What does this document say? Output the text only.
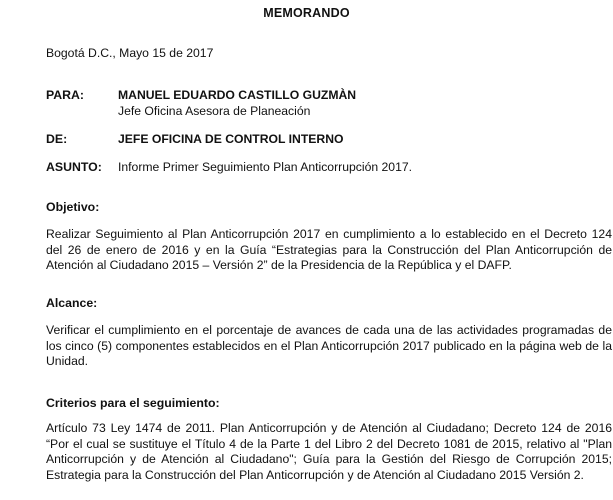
MEMORANDO
Bogotá D.C., Mayo 15 de 2017
PARA:	MANUEL EDUARDO CASTILLO GUZMÀN
Jefe Oficina Asesora de Planeación
DE:	JEFE OFICINA DE CONTROL INTERNO
ASUNTO: Informe Primer Seguimiento Plan Anticorrupción 2017.
Objetivo:
Realizar Seguimiento al Plan Anticorrupción 2017 en cumplimiento a lo establecido en el Decreto 124 del 26 de enero de 2016 y en la Guía “Estrategias para la Construcción del Plan Anticorrupción de Atención al Ciudadano 2015 – Versión 2” de la Presidencia de la República y el DAFP.
Alcance:
Verificar el cumplimiento en el porcentaje de avances de cada una de las actividades programadas de los cinco (5) componentes establecidos en el Plan Anticorrupción 2017 publicado en la página web de la Unidad.
Criterios para el seguimiento:
Artículo 73 Ley 1474 de 2011. Plan Anticorrupción y de Atención al Ciudadano; Decreto 124 de 2016 “Por el cual se sustituye el Título 4 de la Parte 1 del Libro 2 del Decreto 1081 de 2015, relativo al "Plan Anticorrupción y de Atención al Ciudadano"; Guía para la Gestión del Riesgo de Corrupción 2015; Estrategia para la Construcción del Plan Anticorrupción y de Atención al Ciudadano 2015 Versión 2.
